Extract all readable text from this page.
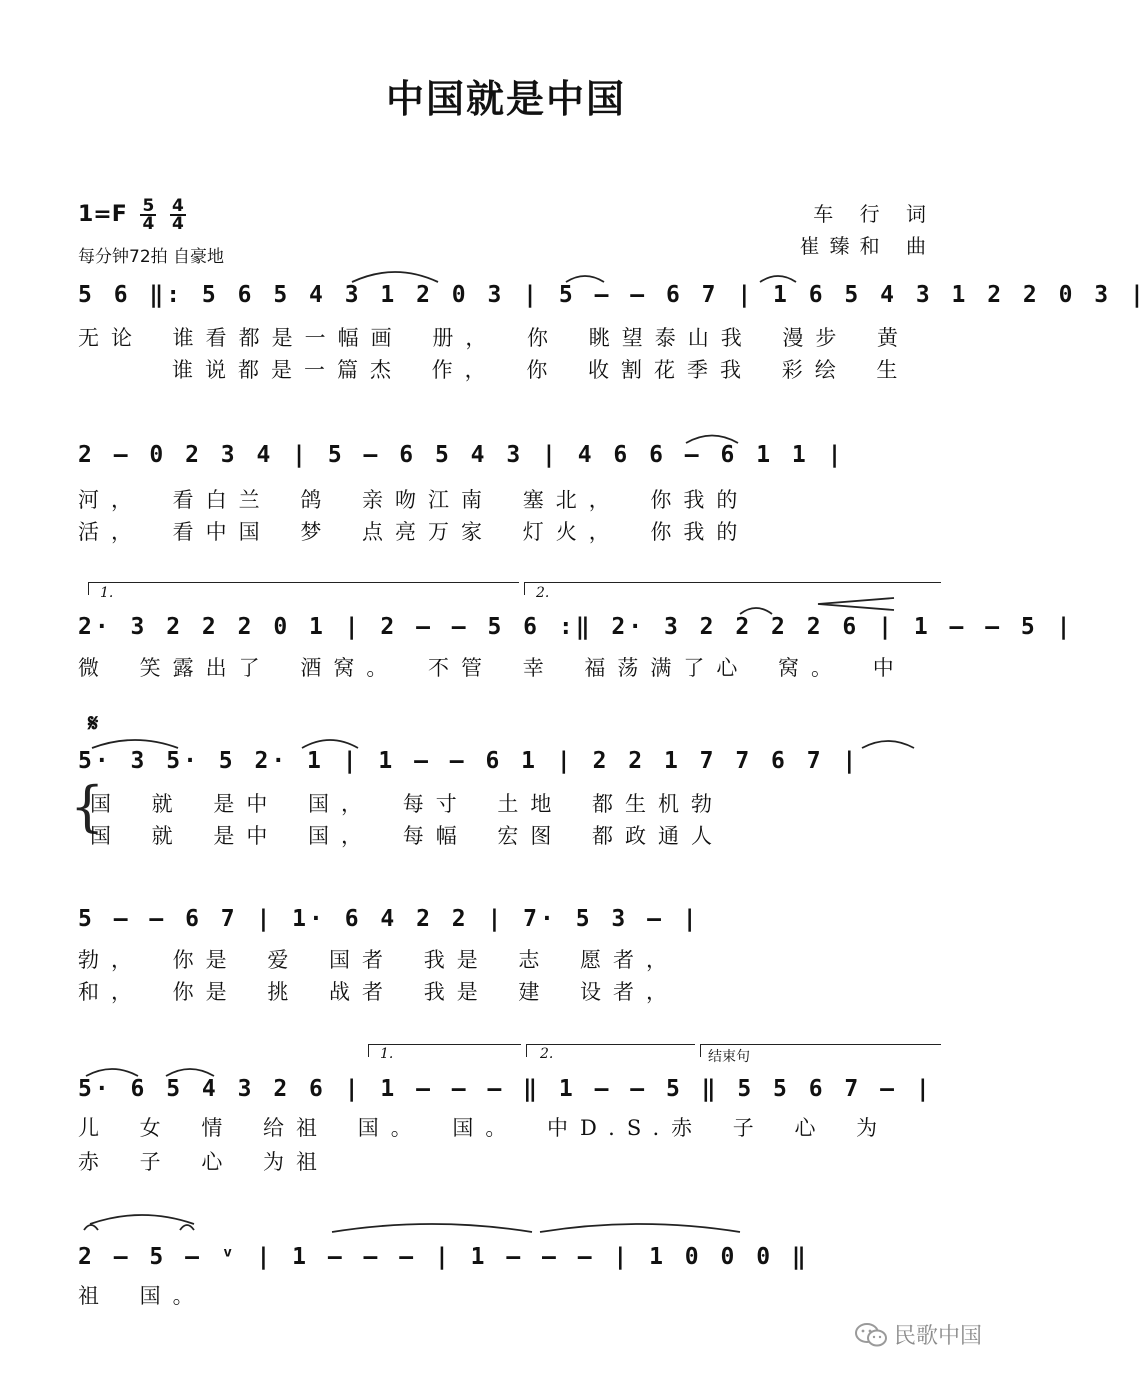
中国就是中国
$1=F \frac{5}{4}$
$\frac{4}{4}$
每分钟72拍 自豪地
车 行 词
崔臻和 曲
5 6 ‖: 5 6 5 4 3 1 2 0 3 | 5 – – 6 7 | 1 6 5 4 3 1 2 2 0 3 |
无论 谁看都是一幅画 册， 你 眺望泰山我 漫步 黄
谁说都是一篇杰 作， 你 收割花季我 彩绘 生
2 – 0 2 3 4 | 5 – 6 5 4 3 | 4 6 6 – 6 1 1 |
河， 看白兰 鸽 亲吻江南 塞北， 你我的
活， 看中国 梦 点亮万家 灯火， 你我的
1.	2.
2· 3 2 2 2 0 1 | 2 – – 5 6 :‖ 2· 3 2 2 2 2 6 | 1 – – 5 |
微 笑露出了 酒窝。 不管 幸 福荡满了心 窝。 中
𝄋
{
5· 3 5· 5 2· 1 | 1 – – 6 1 | 2 2 1 7 7 6 7 |
国 就 是中 国， 每寸 土地 都生机勃
国 就 是中 国， 每幅 宏图 都政通人
5 – – 6 7 | 1· 6 4 2 2 | 7· 5 3 – |
勃， 你是 爱 国者 我是 志 愿者，
和， 你是 挑 战者 我是 建 设者，
1.	2.	结束句
5· 6 5 4 3 2 6 | 1 – – – ‖ 1 – – 5 ‖ 5 5 6 7 – |
儿 女 情 给祖 国。 国。 中D.S.赤 子 心 为
赤 子 心 为祖
2 – 5 – ᵛ | 1 – – – | 1 – – – | 1 0 0 0 ‖
祖 国。
民歌中国
